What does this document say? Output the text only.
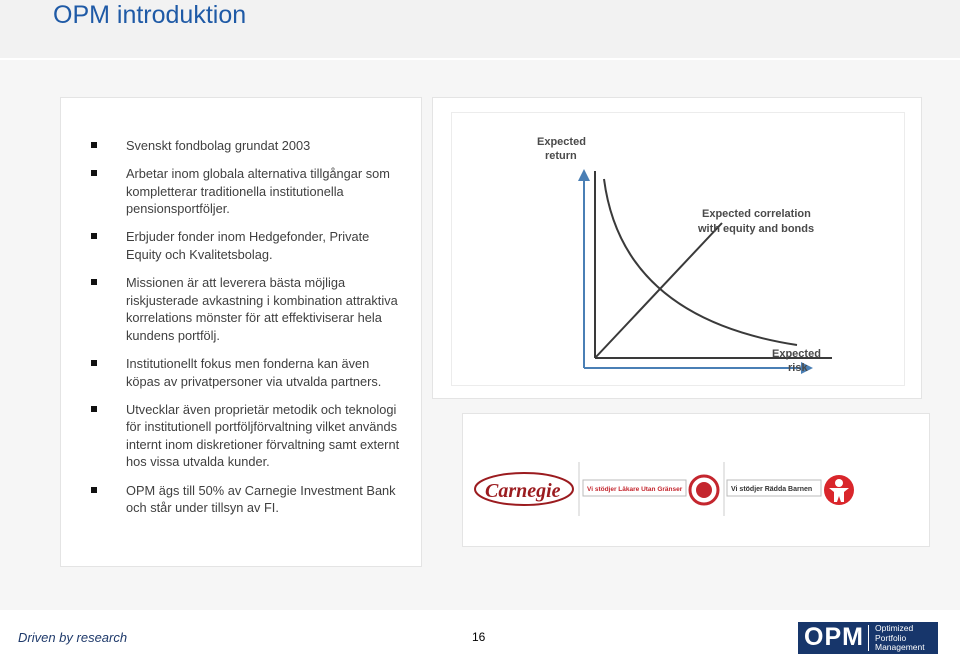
OPM introduktion
Svenskt fondbolag grundat 2003
Arbetar inom globala alternativa tillgångar som kompletterar traditionella institutionella pensionsportföljer.
Erbjuder fonder inom Hedgefonder, Private Equity och Kvalitetsbolag.
Missionen är att leverera bästa möjliga riskjusterade avkastning i kombination attraktiva korrelations mönster för att effektiviserar hela kundens portfölj.
Institutionellt fokus men fonderna kan även köpas av privatpersoner via utvalda partners.
Utvecklar även proprietär metodik och teknologi för institutionell portföljförvaltning vilket används internt inom diskretioner förvaltning samt externt hos vissa utvalda kunder.
OPM ägs till 50% av Carnegie Investment Bank och står under tillsyn av FI.
Expected
return
Expected correlation
with equity and bonds
Expected
risk
Carnegie	Vi stödjer Läkare Utan Gränser	Vi stödjer Rädda Barnen
Driven by research	16	OPM Optimized
Portfolio
Management
